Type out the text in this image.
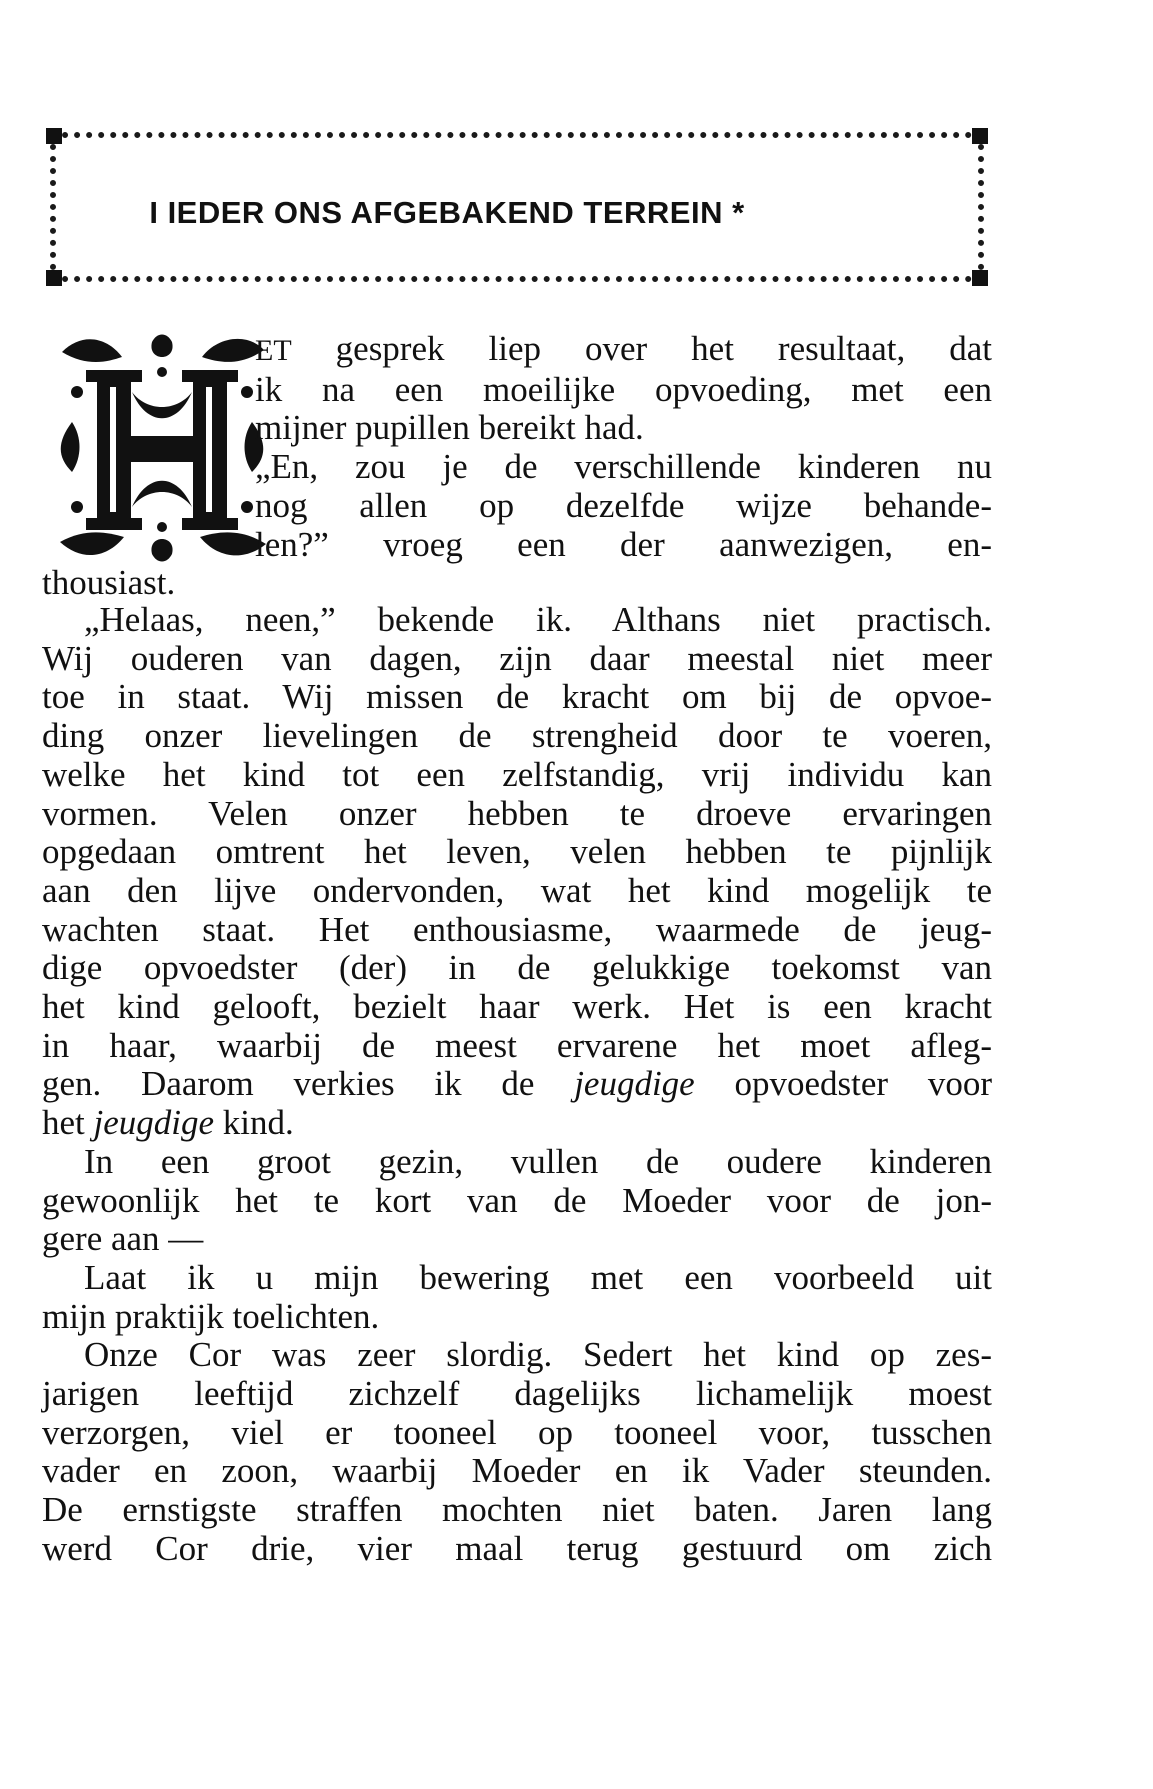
I IEDER ONS AFGEBAKEND TERREIN *
H
ET gesprek liep over het resultaat, dat
ik na een moeilijke opvoeding, met een
mijner pupillen bereikt had.
„En, zou je de verschillende kinderen nu
nog allen op dezelfde wijze behande-
len?” vroeg een der aanwezigen, en-
thousiast.
„Helaas, neen,” bekende ik. Althans niet practisch.
Wij ouderen van dagen, zijn daar meestal niet meer
toe in staat. Wij missen de kracht om bij de opvoe-
ding onzer lievelingen de strengheid door te voeren,
welke het kind tot een zelfstandig, vrij individu kan
vormen. Velen onzer hebben te droeve ervaringen
opgedaan omtrent het leven, velen hebben te pijnlijk
aan den lijve ondervonden, wat het kind mogelijk te
wachten staat. Het enthousiasme, waarmede de jeug-
dige opvoedster (der) in de gelukkige toekomst van
het kind gelooft, bezielt haar werk. Het is een kracht
in haar, waarbij de meest ervarene het moet afleg-
gen. Daarom verkies ik de jeugdige opvoedster voor
het jeugdige kind.
In een groot gezin, vullen de oudere kinderen
gewoonlijk het te kort van de Moeder voor de jon-
gere aan —
Laat ik u mijn bewering met een voorbeeld uit
mijn praktijk toelichten.
Onze Cor was zeer slordig. Sedert het kind op zes-
jarigen leeftijd zichzelf dagelijks lichamelijk moest
verzorgen, viel er tooneel op tooneel voor, tusschen
vader en zoon, waarbij Moeder en ik Vader steunden.
De ernstigste straffen mochten niet baten. Jaren lang
werd Cor drie, vier maal terug gestuurd om zich
